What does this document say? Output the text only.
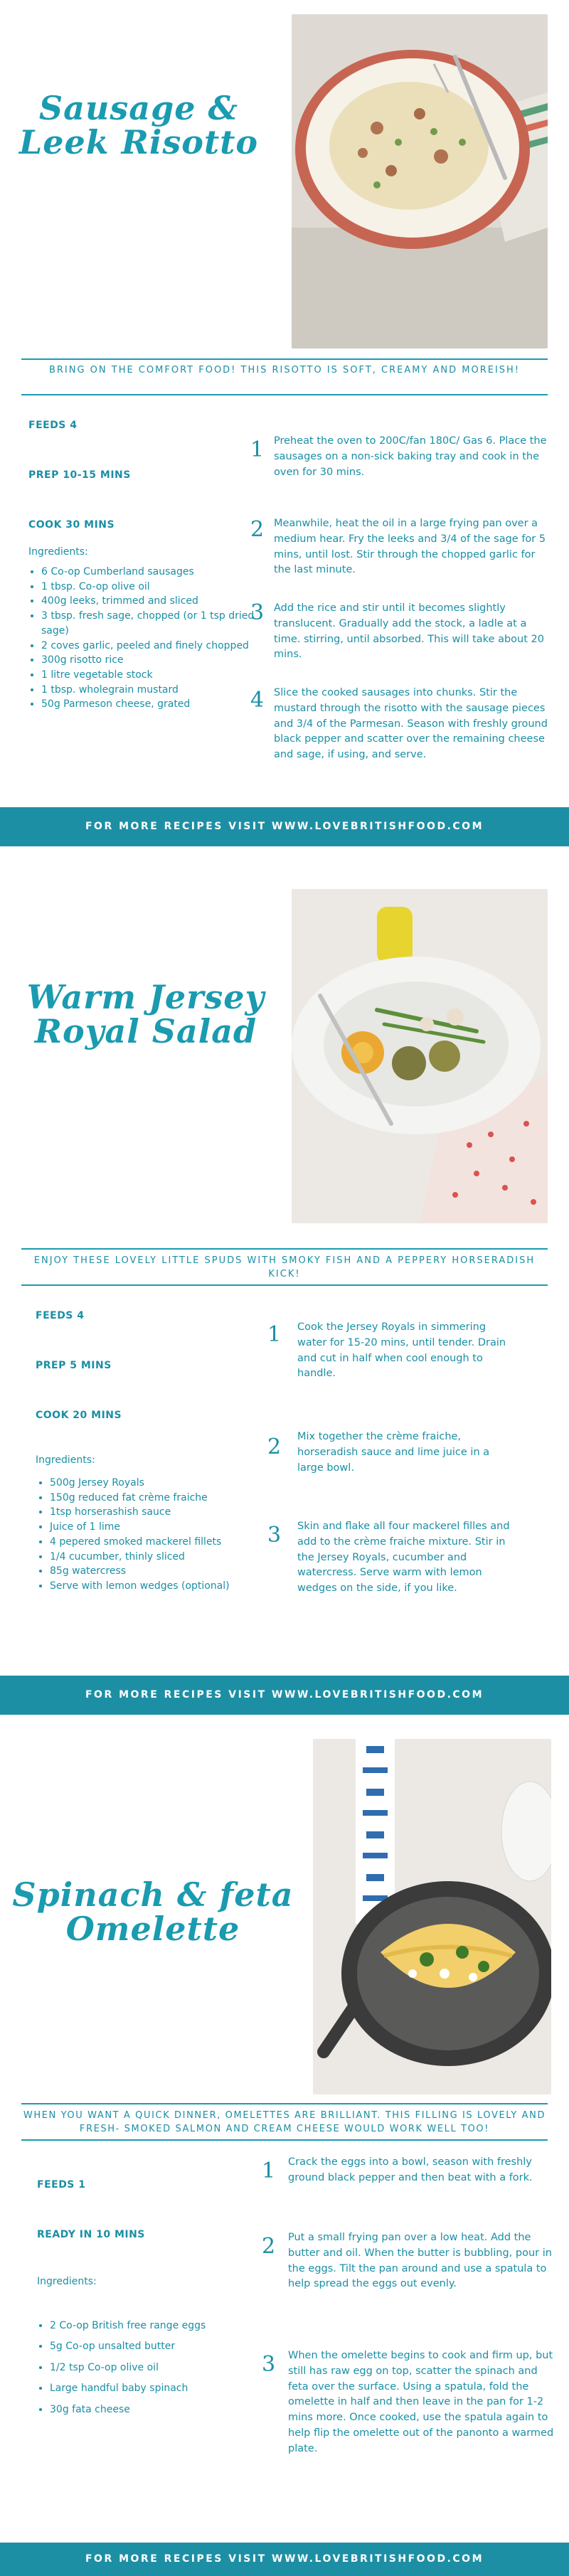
Sausage &
Leek Risotto
BRING ON THE COMFORT FOOD! THIS RISOTTO IS SOFT, CREAMY AND MOREISH!
FEEDS 4
PREP 10-15 MINS
COOK 30 MINS
Ingredients:
• 6 Co-op Cumberland sausages
• 1 tbsp. Co-op olive oil
• 400g leeks, trimmed and sliced
• 3 tbsp. fresh sage, chopped (or 1 tsp dried sage)
• 2 coves garlic, peeled and finely chopped
• 300g risotto rice
• 1 litre vegetable stock
• 1 tbsp. wholegrain mustard
• 50g Parmeson cheese, grated
1 Preheat the oven to 200C/fan 180C/ Gas 6. Place the sausages on a non-sick baking tray and cook in the oven for 30 mins.
2 Meanwhile, heat the oil in a large frying pan over a medium hear. Fry the leeks and 3/4 of the sage for 5 mins, until lost. Stir through the chopped garlic for the last minute.
3 Add the rice and stir until it becomes slightly translucent. Gradually add the stock, a ladle at a time. stirring, until absorbed. This will take about 20 mins.
4 Slice the cooked sausages into chunks. Stir the mustard through the risotto with the sausage pieces and 3/4 of the Parmesan. Season with freshly ground black pepper and scatter over the remaining cheese and sage, if using, and serve.
FOR MORE RECIPES VISIT WWW.LOVEBRITISHFOOD.COM
Warm Jersey
Royal Salad
ENJOY THESE LOVELY LITTLE SPUDS WITH SMOKY FISH AND A PEPPERY HORSERADISH KICK!
FEEDS 4
PREP 5 MINS
COOK 20 MINS
Ingredients:
• 500g Jersey Royals
• 150g reduced fat crème fraiche
• 1tsp horserashish sauce
• Juice of 1 lime
• 4 pepered smoked mackerel fillets
• 1/4 cucumber, thinly sliced
• 85g watercress
• Serve with lemon wedges (optional)
1 Cook the Jersey Royals in simmering water for 15-20 mins, until tender. Drain and cut in half when cool enough to handle.
2 Mix together the crème fraiche, horseradish sauce and lime juice in a large bowl.
3 Skin and flake all four mackerel filles and add to the crème fraiche mixture. Stir in the Jersey Royals, cucumber and watercress. Serve warm with lemon wedges on the side, if you like.
FOR MORE RECIPES VISIT WWW.LOVEBRITISHFOOD.COM
Spinach & feta
Omelette
WHEN YOU WANT A QUICK DINNER, OMELETTES ARE BRILLIANT. THIS FILLING IS LOVELY AND FRESH- SMOKED SALMON AND CREAM CHEESE WOULD WORK WELL TOO!
FEEDS 1
READY IN 10 MINS
Ingredients:
• 2 Co-op British free range eggs
• 5g Co-op unsalted butter
• 1/2 tsp Co-op olive oil
• Large handful baby spinach
• 30g fata cheese
1 Crack the eggs into a bowl, season with freshly ground black pepper and then beat with a fork.
2 Put a small frying pan over a low heat. Add the butter and oil. When the butter is bubbling, pour in the eggs. Tilt the pan around and use a spatula to help spread the eggs out evenly.
3 When the omelette begins to cook and firm up, but still has raw egg on top, scatter the spinach and feta over the surface. Using a spatula, fold the omelette in half and then leave in the pan for 1-2 mins more. Once cooked, use the spatula again to help flip the omelette out of the panonto a warmed plate.
FOR MORE RECIPES VISIT WWW.LOVEBRITISHFOOD.COM
